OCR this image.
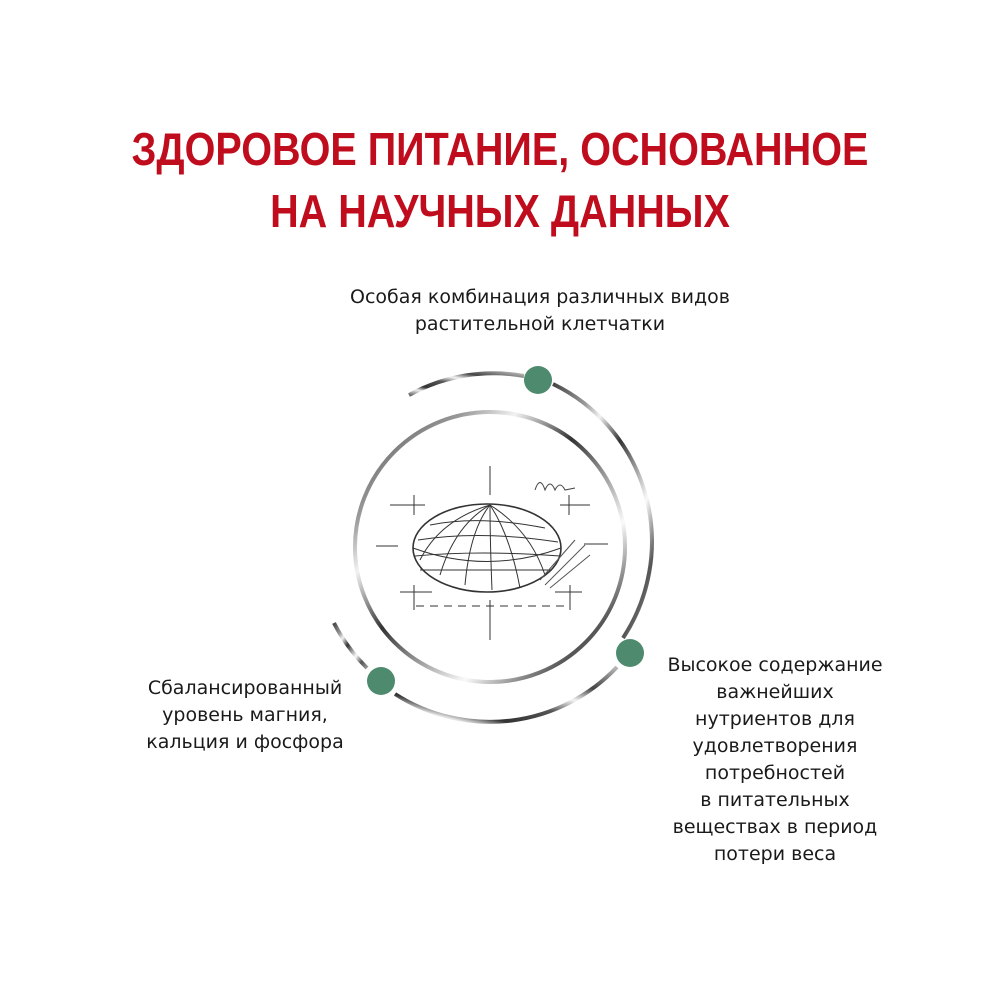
ЗДОРОВОЕ ПИТАНИЕ, ОСНОВАННОЕ
НА НАУЧНЫХ ДАННЫХ
Особая комбинация различных видов
растительной клетчатки
Сбалансированный
уровень магния,
кальция и фосфора
Высокое содержание
важнейших
нутриентов для
удовлетворения
потребностей
в питательных
веществах в период
потери веса
